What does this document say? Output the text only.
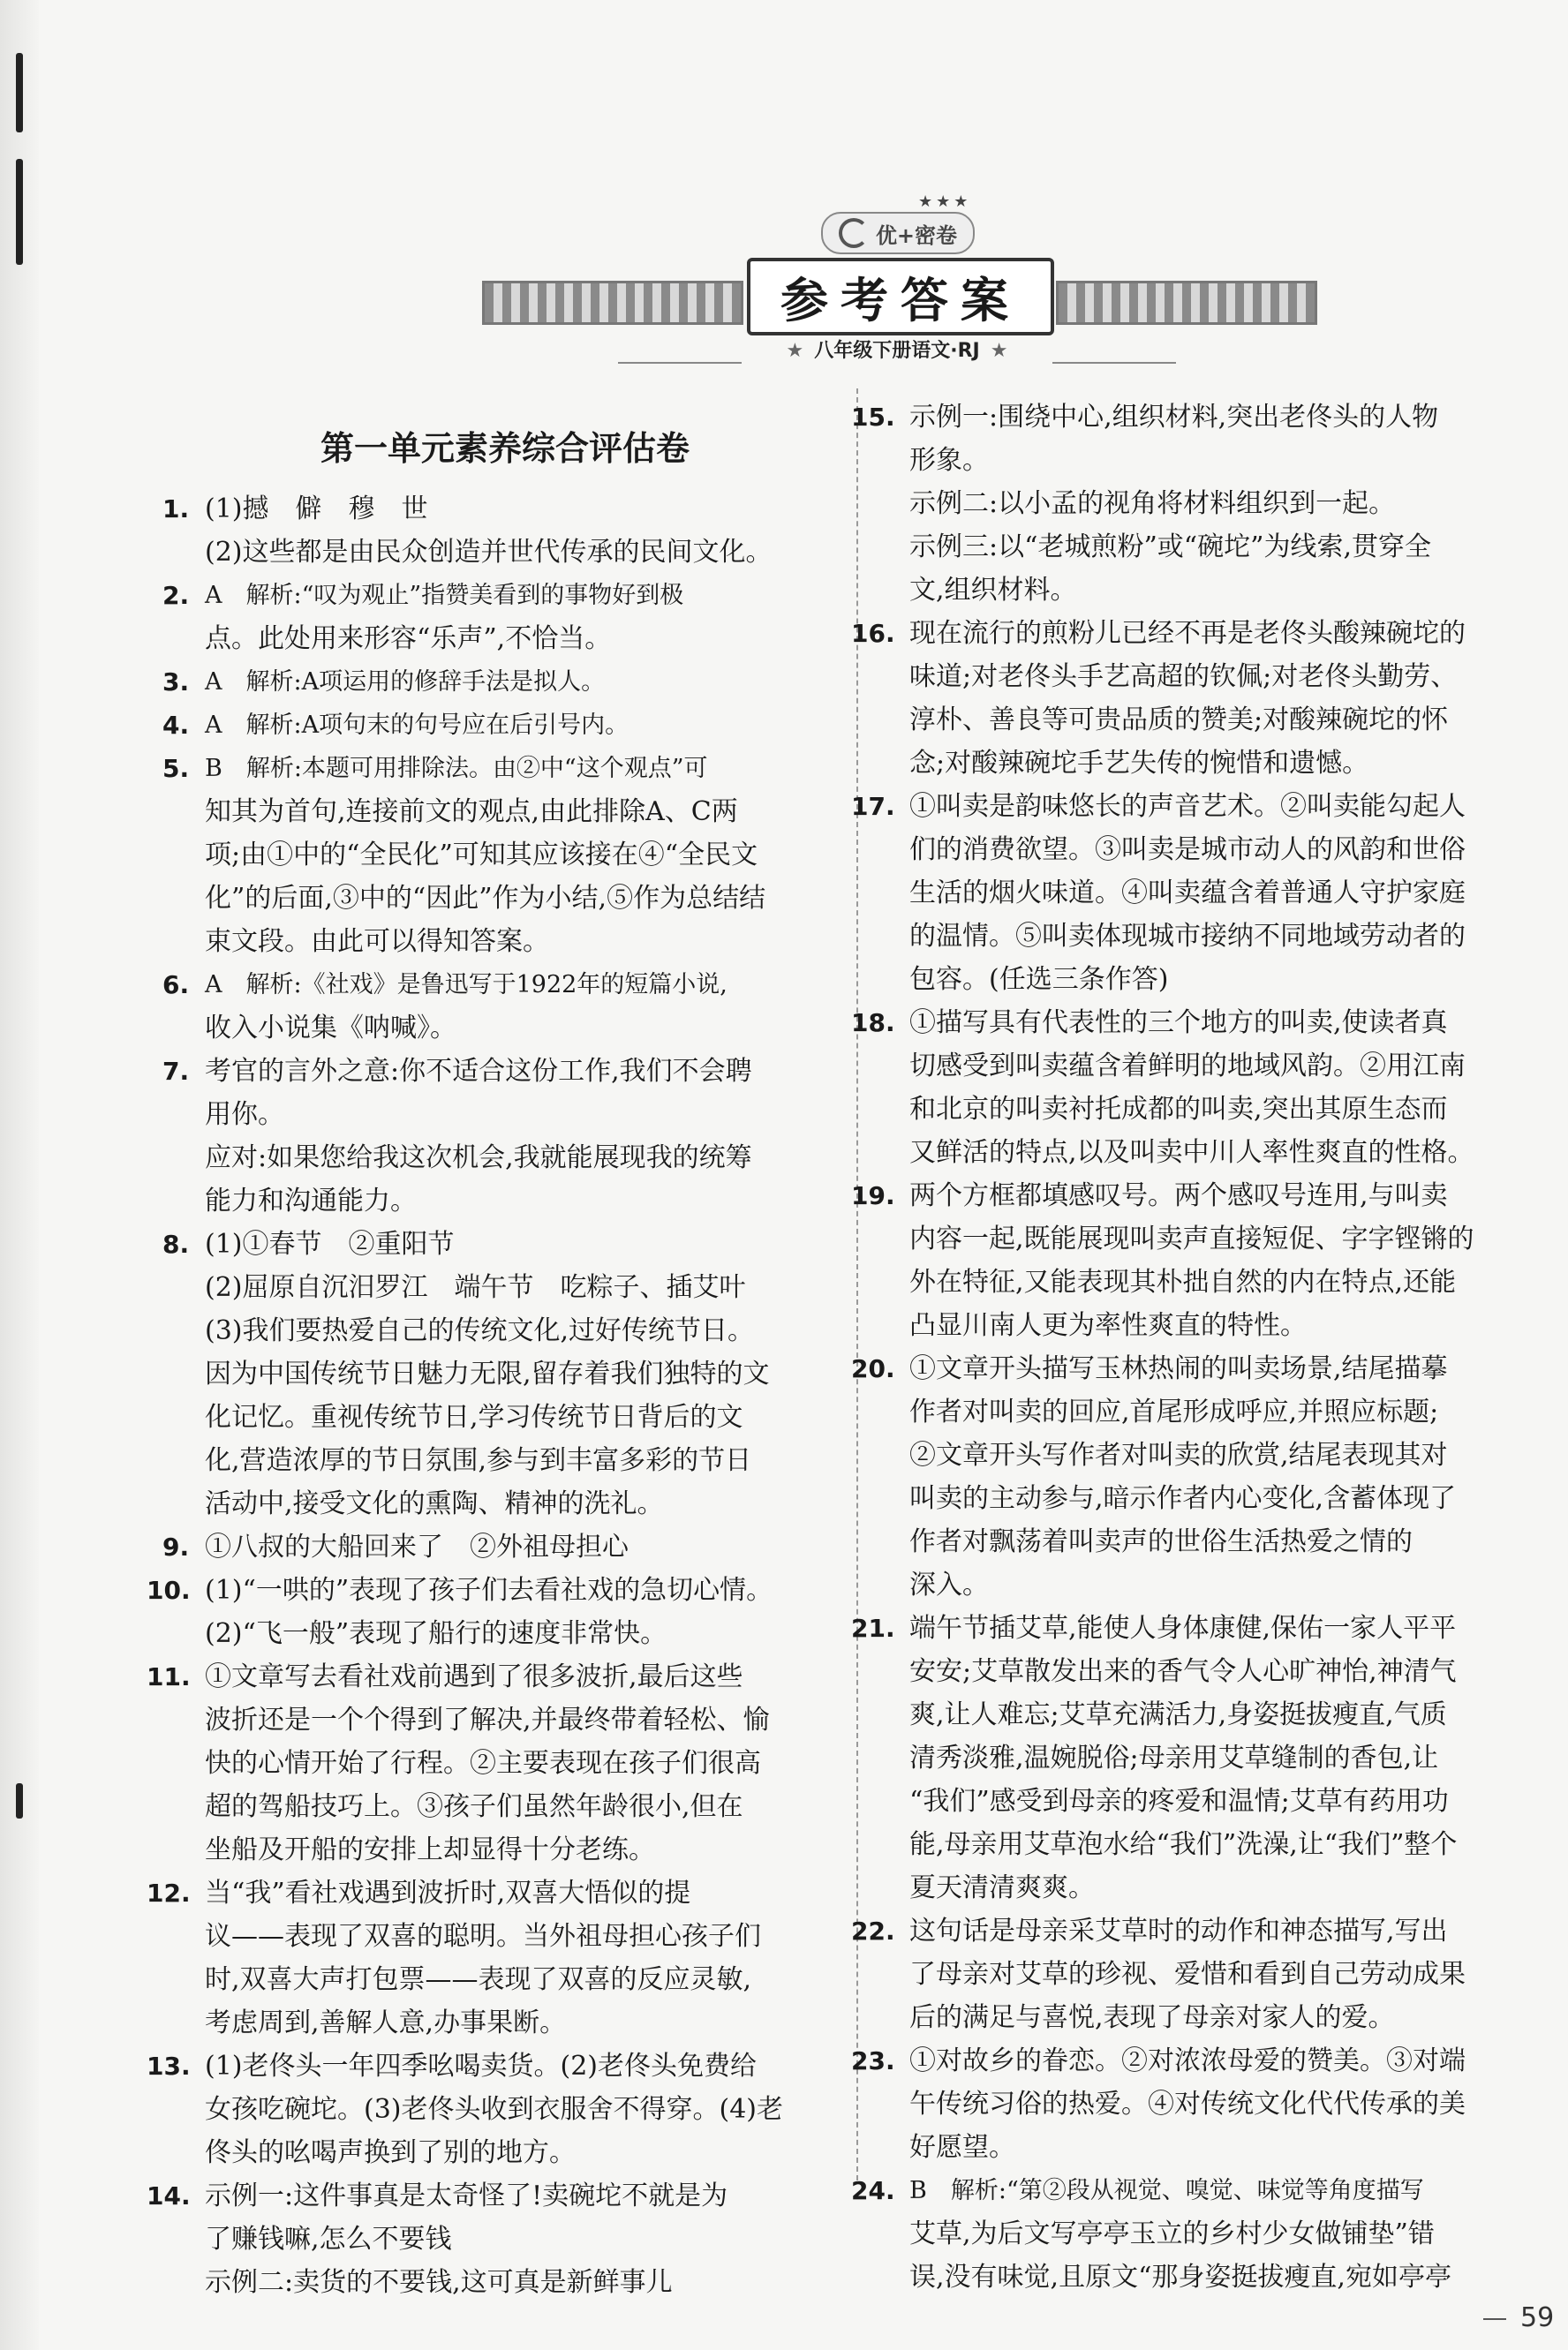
★★★
优+密卷
参考答案
★ 八年级下册语文·RJ ★
第一单元素养综合评估卷
1. (1)撼　僻　穆　世
(2)这些都是由民众创造并世代传承的民间文化。
2. A　解析:“叹为观止”指赞美看到的事物好到极
点。此处用来形容“乐声”,不恰当。
3. A　解析:A项运用的修辞手法是拟人。
4. A　解析:A项句末的句号应在后引号内。
5. B　解析:本题可用排除法。由②中“这个观点”可
知其为首句,连接前文的观点,由此排除A、C两
项;由①中的“全民化”可知其应该接在④“全民文
化”的后面,③中的“因此”作为小结,⑤作为总结结
束文段。由此可以得知答案。
6. A　解析:《社戏》是鲁迅写于1922年的短篇小说,
收入小说集《呐喊》。
7. 考官的言外之意:你不适合这份工作,我们不会聘
用你。
应对:如果您给我这次机会,我就能展现我的统筹
能力和沟通能力。
8. (1)①春节　②重阳节
(2)屈原自沉汨罗江　端午节　吃粽子、插艾叶
(3)我们要热爱自己的传统文化,过好传统节日。
因为中国传统节日魅力无限,留存着我们独特的文
化记忆。重视传统节日,学习传统节日背后的文
化,营造浓厚的节日氛围,参与到丰富多彩的节日
活动中,接受文化的熏陶、精神的洗礼。
9. ①八叔的大船回来了　②外祖母担心
10. (1)“一哄的”表现了孩子们去看社戏的急切心情。
(2)“飞一般”表现了船行的速度非常快。
11. ①文章写去看社戏前遇到了很多波折,最后这些
波折还是一个个得到了解决,并最终带着轻松、愉
快的心情开始了行程。②主要表现在孩子们很高
超的驾船技巧上。③孩子们虽然年龄很小,但在
坐船及开船的安排上却显得十分老练。
12. 当“我”看社戏遇到波折时,双喜大悟似的提
议——表现了双喜的聪明。当外祖母担心孩子们
时,双喜大声打包票——表现了双喜的反应灵敏,
考虑周到,善解人意,办事果断。
13. (1)老佟头一年四季吆喝卖货。(2)老佟头免费给
女孩吃碗坨。(3)老佟头收到衣服舍不得穿。(4)老
佟头的吆喝声换到了别的地方。
14. 示例一:这件事真是太奇怪了!卖碗坨不就是为
了赚钱嘛,怎么不要钱
示例二:卖货的不要钱,这可真是新鲜事儿
15. 示例一:围绕中心,组织材料,突出老佟头的人物
形象。
示例二:以小孟的视角将材料组织到一起。
示例三:以“老城煎粉”或“碗坨”为线索,贯穿全
文,组织材料。
16. 现在流行的煎粉儿已经不再是老佟头酸辣碗坨的
味道;对老佟头手艺高超的钦佩;对老佟头勤劳、
淳朴、善良等可贵品质的赞美;对酸辣碗坨的怀
念;对酸辣碗坨手艺失传的惋惜和遗憾。
17. ①叫卖是韵味悠长的声音艺术。②叫卖能勾起人
们的消费欲望。③叫卖是城市动人的风韵和世俗
生活的烟火味道。④叫卖蕴含着普通人守护家庭
的温情。⑤叫卖体现城市接纳不同地域劳动者的
包容。(任选三条作答)
18. ①描写具有代表性的三个地方的叫卖,使读者真
切感受到叫卖蕴含着鲜明的地域风韵。②用江南
和北京的叫卖衬托成都的叫卖,突出其原生态而
又鲜活的特点,以及叫卖中川人率性爽直的性格。
19. 两个方框都填感叹号。两个感叹号连用,与叫卖
内容一起,既能展现叫卖声直接短促、字字铿锵的
外在特征,又能表现其朴拙自然的内在特点,还能
凸显川南人更为率性爽直的特性。
20. ①文章开头描写玉林热闹的叫卖场景,结尾描摹
作者对叫卖的回应,首尾形成呼应,并照应标题;
②文章开头写作者对叫卖的欣赏,结尾表现其对
叫卖的主动参与,暗示作者内心变化,含蓄体现了
作者对飘荡着叫卖声的世俗生活热爱之情的
深入。
21. 端午节插艾草,能使人身体康健,保佑一家人平平
安安;艾草散发出来的香气令人心旷神怡,神清气
爽,让人难忘;艾草充满活力,身姿挺拔瘦直,气质
清秀淡雅,温婉脱俗;母亲用艾草缝制的香包,让
“我们”感受到母亲的疼爱和温情;艾草有药用功
能,母亲用艾草泡水给“我们”洗澡,让“我们”整个
夏天清清爽爽。
22. 这句话是母亲采艾草时的动作和神态描写,写出
了母亲对艾草的珍视、爱惜和看到自己劳动成果
后的满足与喜悦,表现了母亲对家人的爱。
23. ①对故乡的眷恋。②对浓浓母爱的赞美。③对端
午传统习俗的热爱。④对传统文化代代传承的美
好愿望。
24. B　解析:“第②段从视觉、嗅觉、味觉等角度描写
艾草,为后文写亭亭玉立的乡村少女做铺垫”错
误,没有味觉,且原文“那身姿挺拔瘦直,宛如亭亭
59
